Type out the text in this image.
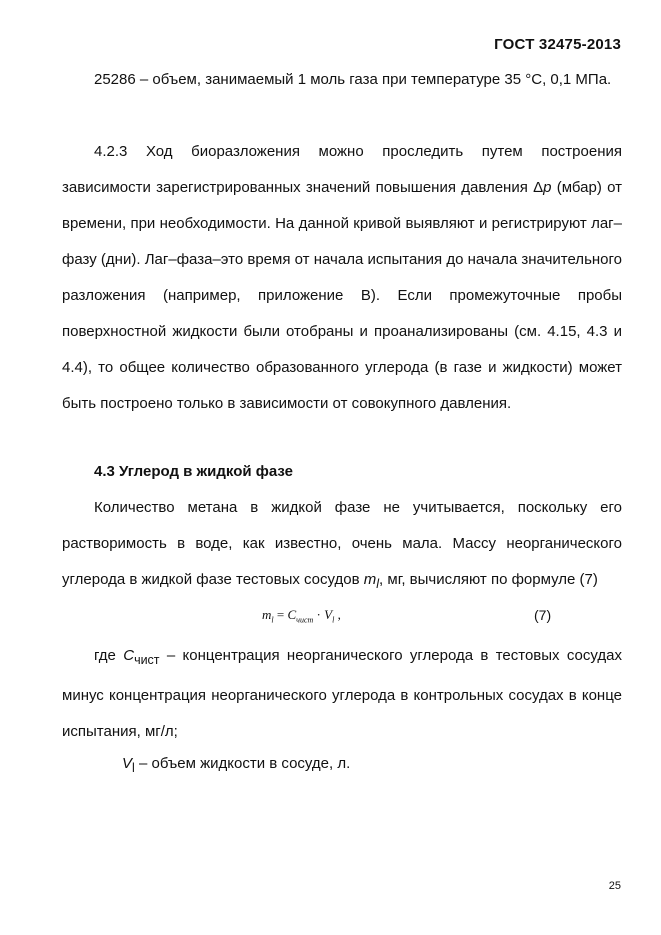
ГОСТ 32475-2013

25286 – объем, занимаемый 1 моль газа при температуре 35 °С, 0,1 МПа.

4.2.3 Ход биоразложения можно проследить путем построения зависимости зарегистрированных значений повышения давления Δp (мбар) от времени, при необходимости. На данной кривой выявляют и регистрируют лаг–фазу (дни). Лаг–фаза–это время от начала испытания до начала значительного разложения (например, приложение В). Если промежуточные пробы поверхностной жидкости были отобраны и проанализированы (см. 4.15, 4.3 и 4.4), то общее количество образованного углерода (в газе и жидкости) может быть построено только в зависимости от совокупного давления.

4.3 Углерод в жидкой фазе

Количество метана в жидкой фазе не учитывается, поскольку его растворимость в воде, как известно, очень мала. Массу неорганического углерода в жидкой фазе тестовых сосудов $m_l$, мг, вычисляют по формуле (7)

$m_l = C_{чист} \cdot V_l$ ,	(7)

где $С_{чист}$ – концентрация неорганического углерода в тестовых сосудах минус концентрация неорганического углерода в контрольных сосудах в конце испытания, мг/л;

$V_l$ – объем жидкости в сосуде, л.

25
